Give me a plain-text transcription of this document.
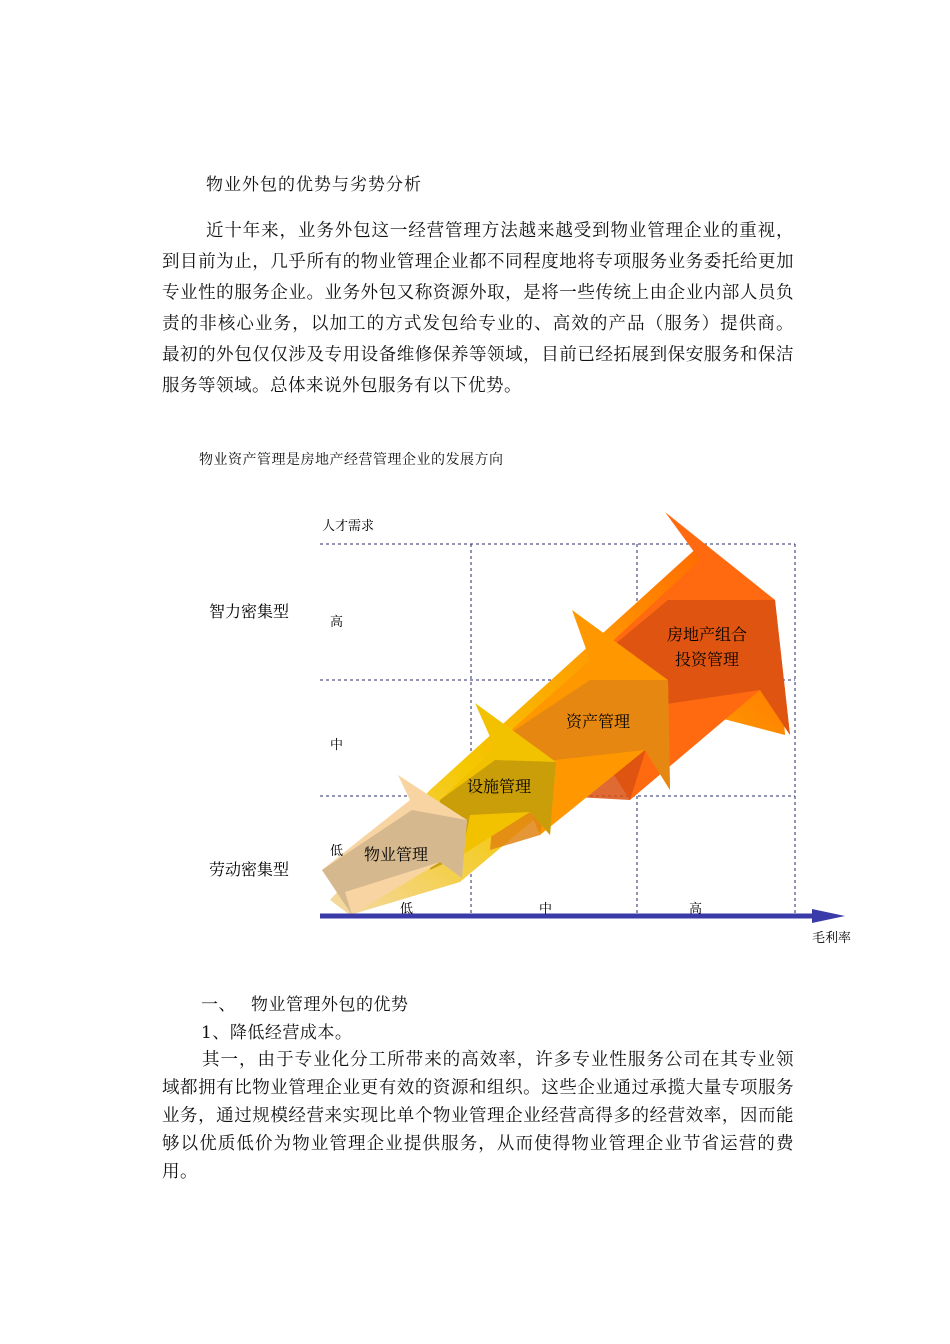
物业外包的优势与劣势分析

近十年来，业务外包这一经营管理方法越来越受到物业管理企业的重视，到目前为止，几乎所有的物业管理企业都不同程度地将专项服务业务委托给更加专业性的服务企业。业务外包又称资源外取，是将一些传统上由企业内部人员负责的非核心业务，以加工的方式发包给专业的、高效的产品（服务）提供商。 最初的外包仅仅涉及专用设备维修保养等领域，目前已经拓展到保安服务和保洁服务等领域。总体来说外包服务有以下优势。

物业资产管理是房地产经营管理企业的发展方向
人才需求
毛利率
智力密集型
劳动密集型
高
中
低
低	中	高
物业管理
设施管理
资产管理
房地产组合
投资管理
一、 物业管理外包的优势
1、降低经营成本。

其一，由于专业化分工所带来的高效率，许多专业性服务公司在其专业领域都拥有比物业管理企业更有效的资源和组织。这些企业通过承揽大量专项服务业务，通过规模经营来实现比单个物业管理企业经营高得多的经营效率，因而能够以优质低价为物业管理企业提供服务，从而使得物业管理企业节省运营的费用。
